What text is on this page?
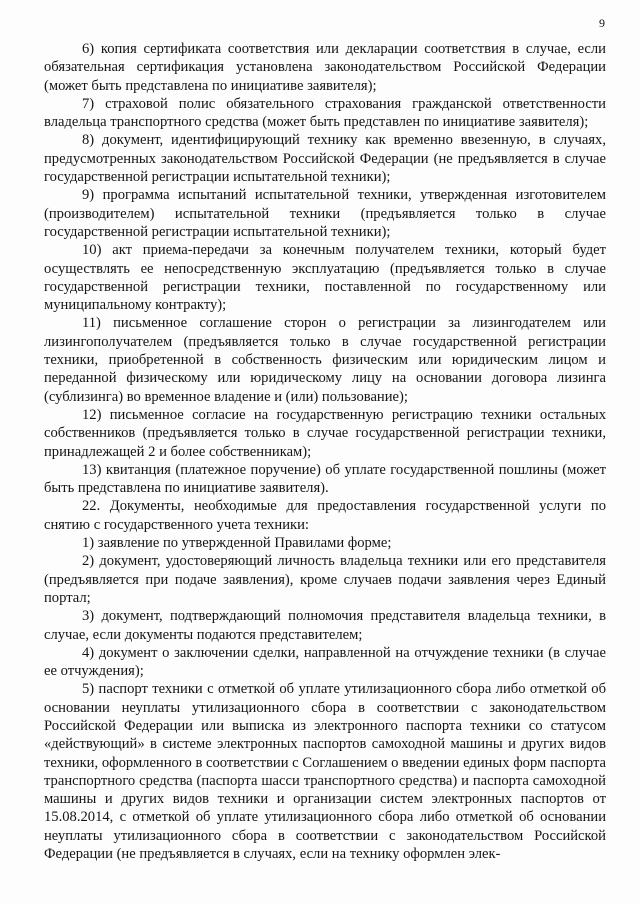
9

6) копия сертификата соответствия или декларации соответствия в случае, если обязательная сертификация установлена законодательством Российской Федерации (может быть представлена по инициативе заявителя);

7) страховой полис обязательного страхования гражданской ответственности владельца транспортного средства (может быть представлен по инициативе заявителя);

8) документ, идентифицирующий технику как временно ввезенную, в случаях, предусмотренных законодательством Российской Федерации (не предъявляется в случае государственной регистрации испытательной техники);

9) программа испытаний испытательной техники, утвержденная изготовителем (производителем) испытательной техники (предъявляется только в случае государственной регистрации испытательной техники);

10) акт приема-передачи за конечным получателем техники, который будет осуществлять ее непосредственную эксплуатацию (предъявляется только в случае государственной регистрации техники, поставленной по государственному или муниципальному контракту);

11) письменное соглашение сторон о регистрации за лизингодателем или лизингополучателем (предъявляется только в случае государственной регистрации техники, приобретенной в собственность физическим или юридическим лицом и переданной физическому или юридическому лицу на основании договора лизинга (сублизинга) во временное владение и (или) пользование);

12) письменное согласие на государственную регистрацию техники остальных собственников (предъявляется только в случае государственной регистрации техники, принадлежащей 2 и более собственникам);

13) квитанция (платежное поручение) об уплате государственной пошлины (может быть представлена по инициативе заявителя).

22. Документы, необходимые для предоставления государственной услуги по снятию с государственного учета техники:

1) заявление по утвержденной Правилами форме;

2) документ, удостоверяющий личность владельца техники или его представителя (предъявляется при подаче заявления), кроме случаев подачи заявления через Единый портал;

3) документ, подтверждающий полномочия представителя владельца техники, в случае, если документы подаются представителем;

4) документ о заключении сделки, направленной на отчуждение техники (в случае ее отчуждения);

5) паспорт техники с отметкой об уплате утилизационного сбора либо отметкой об основании неуплаты утилизационного сбора в соответствии с законодательством Российской Федерации или выписка из электронного паспорта техники со статусом «действующий» в системе электронных паспортов самоходной машины и других видов техники, оформленного в соответствии с Соглашением о введении единых форм паспорта транспортного средства (паспорта шасси транспортного средства) и паспорта самоходной машины и других видов техники и организации систем электронных паспортов от 15.08.2014, с отметкой об уплате утилизационного сбора либо отметкой об основании неуплаты утилизационного сбора в соответствии с законодательством Российской Федерации (не предъявляется в случаях, если на технику оформлен элек-
